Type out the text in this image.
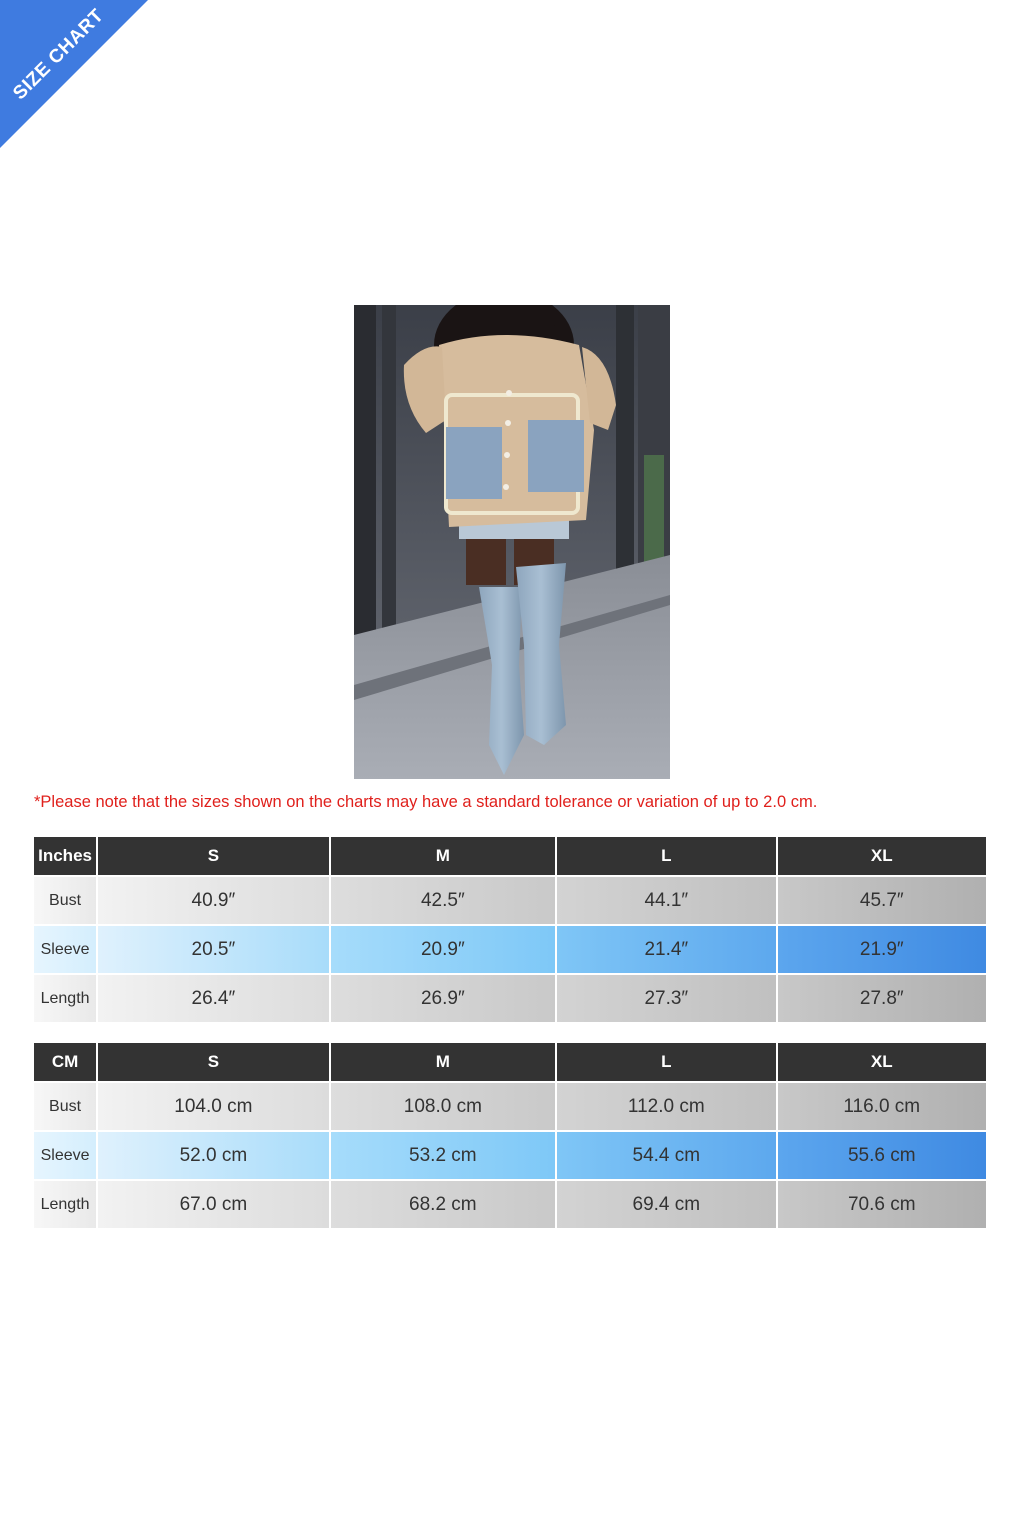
SIZE CHART
*Please note that the sizes shown on the charts may have a standard tolerance or variation of up to 2.0 cm.
Inches	S	M	L	XL
Bust	40.9″	42.5″	44.1″	45.7″
Sleeve	20.5″	20.9″	21.4″	21.9″
Length	26.4″	26.9″	27.3″	27.8″
CM	S	M	L	XL
Bust	104.0 cm	108.0 cm	112.0 cm	116.0 cm
Sleeve	52.0 cm	53.2 cm	54.4 cm	55.6 cm
Length	67.0 cm	68.2 cm	69.4 cm	70.6 cm
